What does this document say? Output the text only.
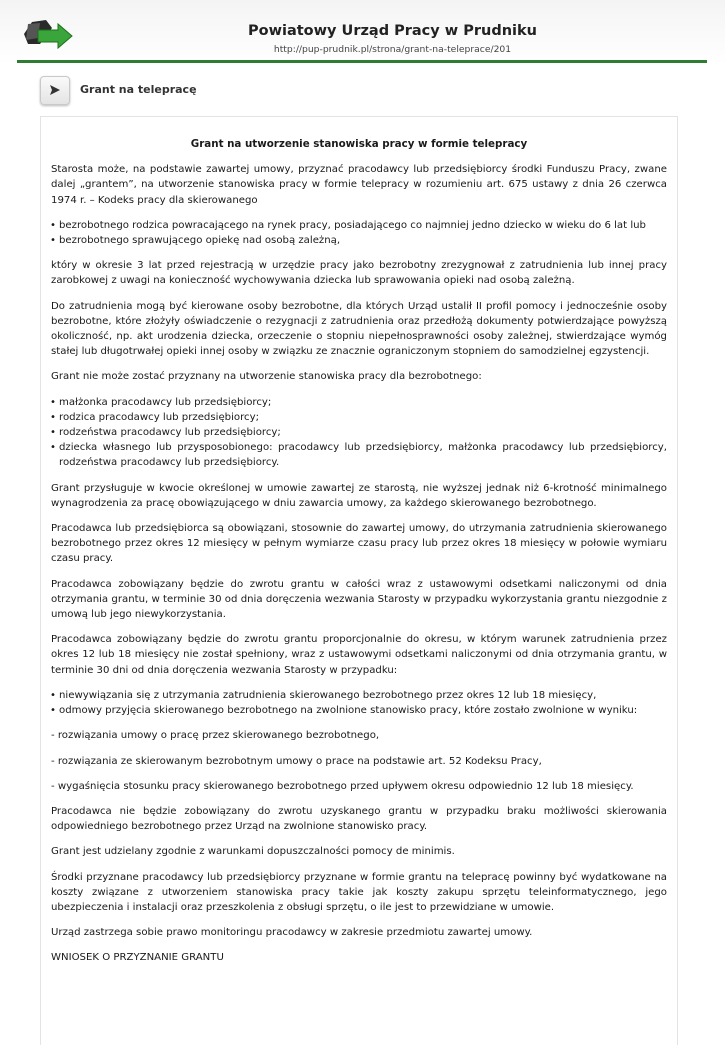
Powiatowy Urząd Pracy w Prudniku
http://pup-prudnik.pl/strona/grant-na-teleprace/201
Grant na telepracę
Grant na utworzenie stanowiska pracy w formie telepracy

Starosta może, na podstawie zawartej umowy, przyznać pracodawcy lub przedsiębiorcy środki Funduszu Pracy, zwane dalej „grantem”, na utworzenie stanowiska pracy w formie telepracy w rozumieniu art. 675 ustawy z dnia 26 czerwca 1974 r. – Kodeks pracy dla skierowanego

• bezrobotnego rodzica powracającego na rynek pracy, posiadającego co najmniej jedno dziecko w wieku do 6 lat lub
• bezrobotnego sprawującego opiekę nad osobą zależną,

który w okresie 3 lat przed rejestracją w urzędzie pracy jako bezrobotny zrezygnował z zatrudnienia lub innej pracy zarobkowej z uwagi na konieczność wychowywania dziecka lub sprawowania opieki nad osobą zależną.

Do zatrudnienia mogą być kierowane osoby bezrobotne, dla których Urząd ustalił II profil pomocy i jednocześnie osoby bezrobotne, które złożyły oświadczenie o rezygnacji z zatrudnienia oraz przedłożą dokumenty potwierdzające powyższą okoliczność, np. akt urodzenia dziecka, orzeczenie o stopniu niepełnosprawności osoby zależnej, stwierdzające wymóg stałej lub długotrwałej opieki innej osoby w związku ze znacznie ograniczonym stopniem do samodzielnej egzystencji.

Grant nie może zostać przyznany na utworzenie stanowiska pracy dla bezrobotnego:

• małżonka pracodawcy lub przedsiębiorcy;
• rodzica pracodawcy lub przedsiębiorcy;
• rodzeństwa pracodawcy lub przedsiębiorcy;
• dziecka własnego lub przysposobionego: pracodawcy lub przedsiębiorcy, małżonka pracodawcy lub przedsiębiorcy, rodzeństwa pracodawcy lub przedsiębiorcy.

Grant przysługuje w kwocie określonej w umowie zawartej ze starostą, nie wyższej jednak niż 6-krotność minimalnego wynagrodzenia za pracę obowiązującego w dniu zawarcia umowy, za każdego skierowanego bezrobotnego.

Pracodawca lub przedsiębiorca są obowiązani, stosownie do zawartej umowy, do utrzymania zatrudnienia skierowanego bezrobotnego przez okres 12 miesięcy w pełnym wymiarze czasu pracy lub przez okres 18 miesięcy w połowie wymiaru czasu pracy.

Pracodawca zobowiązany będzie do zwrotu grantu w całości wraz z ustawowymi odsetkami naliczonymi od dnia otrzymania grantu, w terminie 30 od dnia doręczenia wezwania Starosty w przypadku wykorzystania grantu niezgodnie z umową lub jego niewykorzystania.

Pracodawca zobowiązany będzie do zwrotu grantu proporcjonalnie do okresu, w którym warunek zatrudnienia przez okres 12 lub 18 miesięcy nie został spełniony, wraz z ustawowymi odsetkami naliczonymi od dnia otrzymania grantu, w terminie 30 dni od dnia doręczenia wezwania Starosty w przypadku:

• niewywiązania się z utrzymania zatrudnienia skierowanego bezrobotnego przez okres 12 lub 18 miesięcy,
• odmowy przyjęcia skierowanego bezrobotnego na zwolnione stanowisko pracy, które zostało zwolnione w wyniku:

- rozwiązania umowy o pracę przez skierowanego bezrobotnego,

- rozwiązania ze skierowanym bezrobotnym umowy o prace na podstawie art. 52 Kodeksu Pracy,

- wygaśnięcia stosunku pracy skierowanego bezrobotnego przed upływem okresu odpowiednio 12 lub 18 miesięcy.

Pracodawca nie będzie zobowiązany do zwrotu uzyskanego grantu w przypadku braku możliwości skierowania odpowiedniego bezrobotnego przez Urząd na zwolnione stanowisko pracy.

Grant jest udzielany zgodnie z warunkami dopuszczalności pomocy de minimis.

Środki przyznane pracodawcy lub przedsiębiorcy przyznane w formie grantu na telepracę powinny być wydatkowane na koszty związane z utworzeniem stanowiska pracy takie jak koszty zakupu sprzętu teleinformatycznego, jego ubezpieczenia i instalacji oraz przeszkolenia z obsługi sprzętu, o ile jest to przewidziane w umowie.

Urząd zastrzega sobie prawo monitoringu pracodawcy w zakresie przedmiotu zawartej umowy.

WNIOSEK O PRZYZNANIE GRANTU
